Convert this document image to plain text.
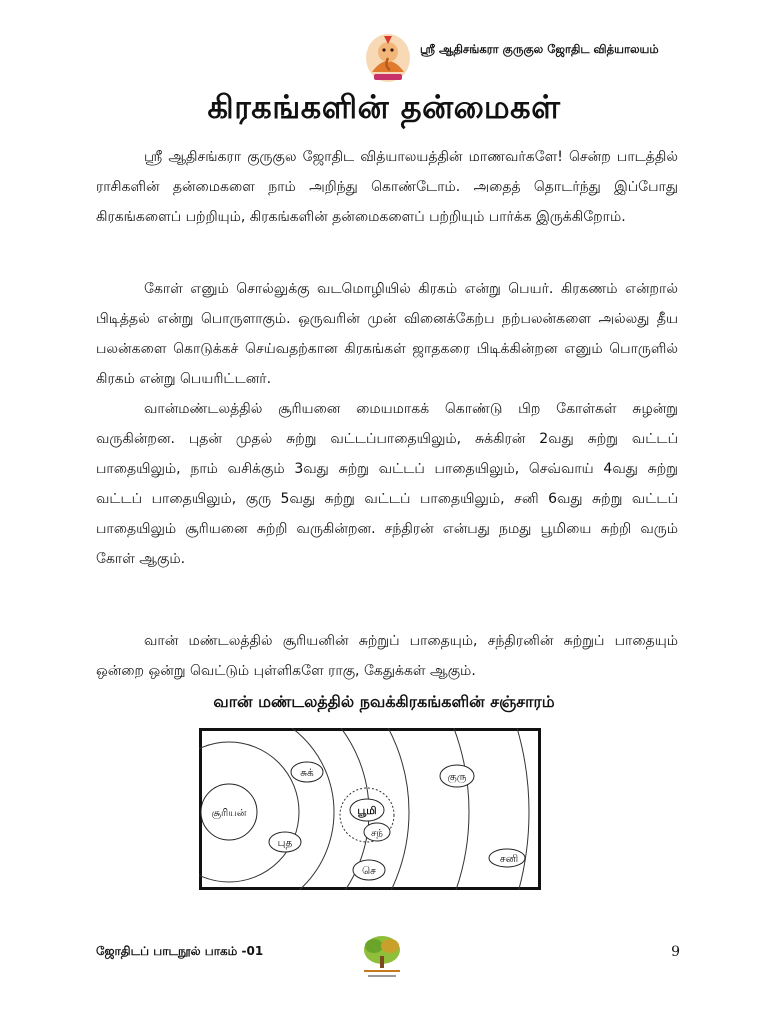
ஸ்ரீ ஆதிசங்கரா குருகுல ஜோதிட வித்யாலயம்
கிரகங்களின் தன்மைகள்

ஸ்ரீ ஆதிசங்கரா குருகுல ஜோதிட வித்யாலயத்தின் மாணவர்களே! சென்ற பாடத்தில் ராசிகளின் தன்மைகளை நாம் அறிந்து கொண்டோம். அதைத் தொடர்ந்து இப்போது கிரகங்களைப் பற்றியும், கிரகங்களின் தன்மைகளைப் பற்றியும் பார்க்க இருக்கிறோம்.

கோள் எனும் சொல்லுக்கு வடமொழியில் கிரகம் என்று பெயர். கிரகணம் என்றால் பிடித்தல் என்று பொருளாகும். ஒருவரின் முன் வினைக்கேற்ப நற்பலன்களை அல்லது தீய பலன்களை கொடுக்கச் செய்வதற்கான கிரகங்கள் ஜாதகரை பிடிக்கின்றன எனும் பொருளில் கிரகம் என்று பெயரிட்டனர்.

வான்மண்டலத்தில் சூரியனை மையமாகக் கொண்டு பிற கோள்கள் சுழன்று வருகின்றன. புதன் முதல் சுற்று வட்டப்பாதையிலும், சுக்கிரன் 2வது சுற்று வட்டப் பாதையிலும், நாம் வசிக்கும் 3வது சுற்று வட்டப் பாதையிலும், செவ்வாய் 4வது சுற்று வட்டப் பாதையிலும், குரு 5வது சுற்று வட்டப் பாதையிலும், சனி 6வது சுற்று வட்டப் பாதையிலும் சூரியனை சுற்றி வருகின்றன. சந்திரன் என்பது நமது பூமியை சுற்றி வரும் கோள் ஆகும்.

வான் மண்டலத்தில் சூரியனின் சுற்றுப் பாதையும், சந்திரனின் சுற்றுப் பாதையும் ஒன்றை ஒன்று வெட்டும் புள்ளிகளே ராகு, கேதுக்கள் ஆகும்.

வான் மண்டலத்தில் நவக்கிரகங்களின் சஞ்சாரம்
சூரியன்
புத
சுக்
பூமி
சந்
செ
குரு
சனி
ஜோதிடப் பாடநூல் பாகம் -01	9
